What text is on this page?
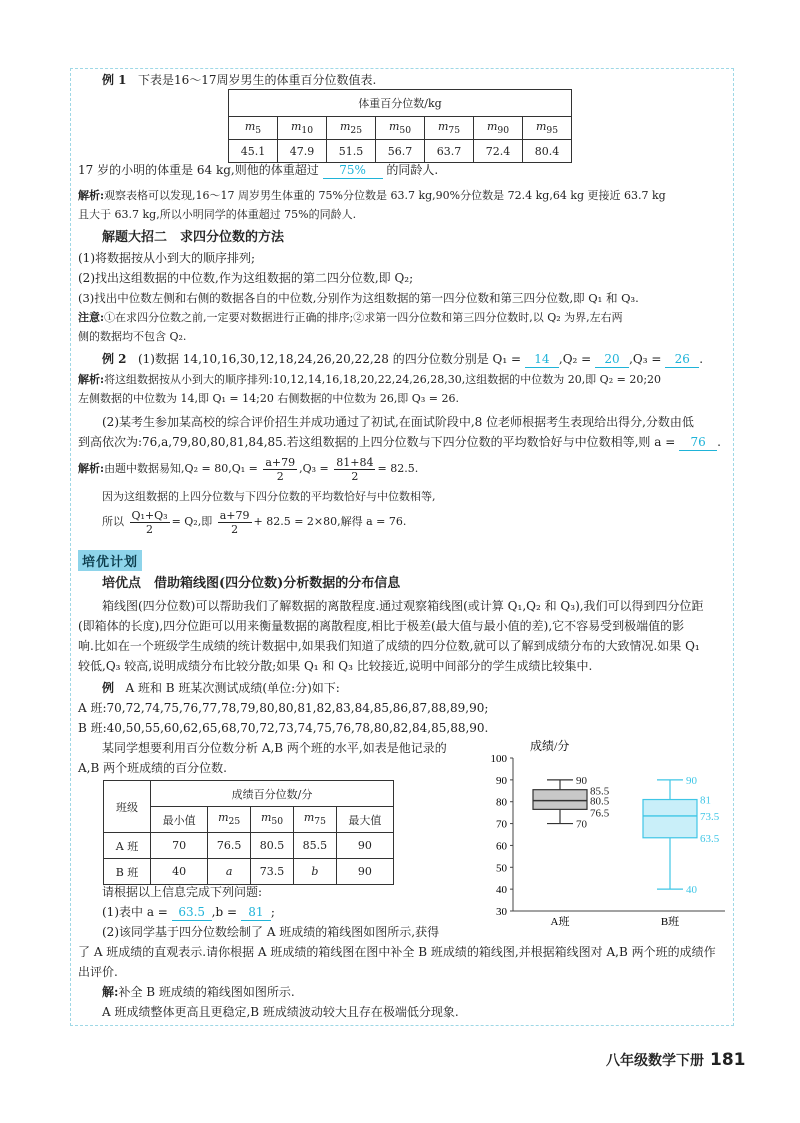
例 1 下表是16～17周岁男生的体重百分位数值表.
体重百分位数/kg						
$m_5$	$m_{10}$	$m_{25}$	$m_{50}$	$m_{75}$	$m_{90}$	$m_{95}$
45.1	47.9	51.5	56.7	63.7	72.4	80.4
17 岁的小明的体重是 64 kg,则他的体重超过 75% 的同龄人.
解析:观察表格可以发现,16～17 周岁男生体重的 75%分位数是 63.7 kg,90%分位数是 72.4 kg,64 kg 更接近 63.7 kg
且大于 63.7 kg,所以小明同学的体重超过 75%的同龄人.
解题大招二　求四分位数的方法
(1)将数据按从小到大的顺序排列;
(2)找出这组数据的中位数,作为这组数据的第二四分位数,即 Q₂;
(3)找出中位数左侧和右侧的数据各自的中位数,分别作为这组数据的第一四分位数和第三四分位数,即 Q₁ 和 Q₃.
注意:①在求四分位数之前,一定要对数据进行正确的排序;②求第一四分位数和第三四分位数时,以 Q₂ 为界,左右两
侧的数据均不包含 Q₂.
例 2 (1)数据 14,10,16,30,12,18,24,26,20,22,28 的四分位数分别是 Q₁ = 14 ,Q₂ = 20 ,Q₃ = 26 .
解析:将这组数据按从小到大的顺序排列:10,12,14,16,18,20,22,24,26,28,30,这组数据的中位数为 20,即 Q₂ = 20;20
左侧数据的中位数为 14,即 Q₁ = 14;20 右侧数据的中位数为 26,即 Q₃ = 26.
(2)某考生参加某高校的综合评价招生并成功通过了初试,在面试阶段中,8 位老师根据考生表现给出得分,分数由低
到高依次为:76,a,79,80,80,81,84,85.若这组数据的上四分位数与下四分位数的平均数恰好与中位数相等,则 a = 76 .
解析:由题中数据易知$,Q_2 = 80,Q_1 = \frac{a+79}{2} ,Q_3 = \frac{81+84}{2} = 82.5$.
因为这组数据的上四分位数与下四分位数的平均数恰好与中位数相等,
所以 $\frac{\text{Q₁+Q₃}}{2} = Q_2$,即 $\frac{a+79}{2} + 82.5 = 2\times 80$,解得 a = 76.
培优计划
培优点　借助箱线图(四分位数)分析数据的分布信息
箱线图(四分位数)可以帮助我们了解数据的离散程度.通过观察箱线图(或计算 Q₁,Q₂ 和 Q₃),我们可以得到四分位距
(即箱体的长度),四分位距可以用来衡量数据的离散程度,相比于极差(最大值与最小值的差),它不容易受到极端值的影
响.比如在一个班级学生成绩的统计数据中,如果我们知道了成绩的四分位数,就可以了解到成绩分布的大致情况.如果 Q₁
较低,Q₃ 较高,说明成绩分布比较分散;如果 Q₁ 和 Q₃ 比较接近,说明中间部分的学生成绩比较集中.
例 A 班和 B 班某次测试成绩(单位:分)如下:
A 班:70,72,74,75,76,77,78,79,80,80,81,82,83,84,85,86,87,88,89,90;
B 班:40,50,55,60,62,65,68,70,72,73,74,75,76,78,80,82,84,85,88,90.
某同学想要利用百分位数分析 A,B 两个班的水平,如表是他记录的
A,B 两个班成绩的百分位数.
班级	成绩百分位数/分				
	最小值	$m_{25}$	$m_{50}$	$m_{75}$	最大值
A 班	70	76.5	80.5	85.5	90
B 班	40	a	73.5	b	90
请根据以上信息完成下列问题:
(1)表中 a = 63.5 ,b = 81 ;
(2)该同学基于四分位数绘制了 A 班成绩的箱线图如图所示,获得
了 A 班成绩的直观表示.请你根据 A 班成绩的箱线图在图中补全 B 班成绩的箱线图,并根据箱线图对 A,B 两个班的成绩作
出评价.
解:补全 B 班成绩的箱线图如图所示.
A 班成绩整体更高且更稳定,B 班成绩波动较大且存在极端低分现象.
成绩/分
30
40
50
60
70
80
90
100
90
85.5
80.5
76.5
70
A班
90
81
73.5
63.5
40
B班
八年级数学下册 181
